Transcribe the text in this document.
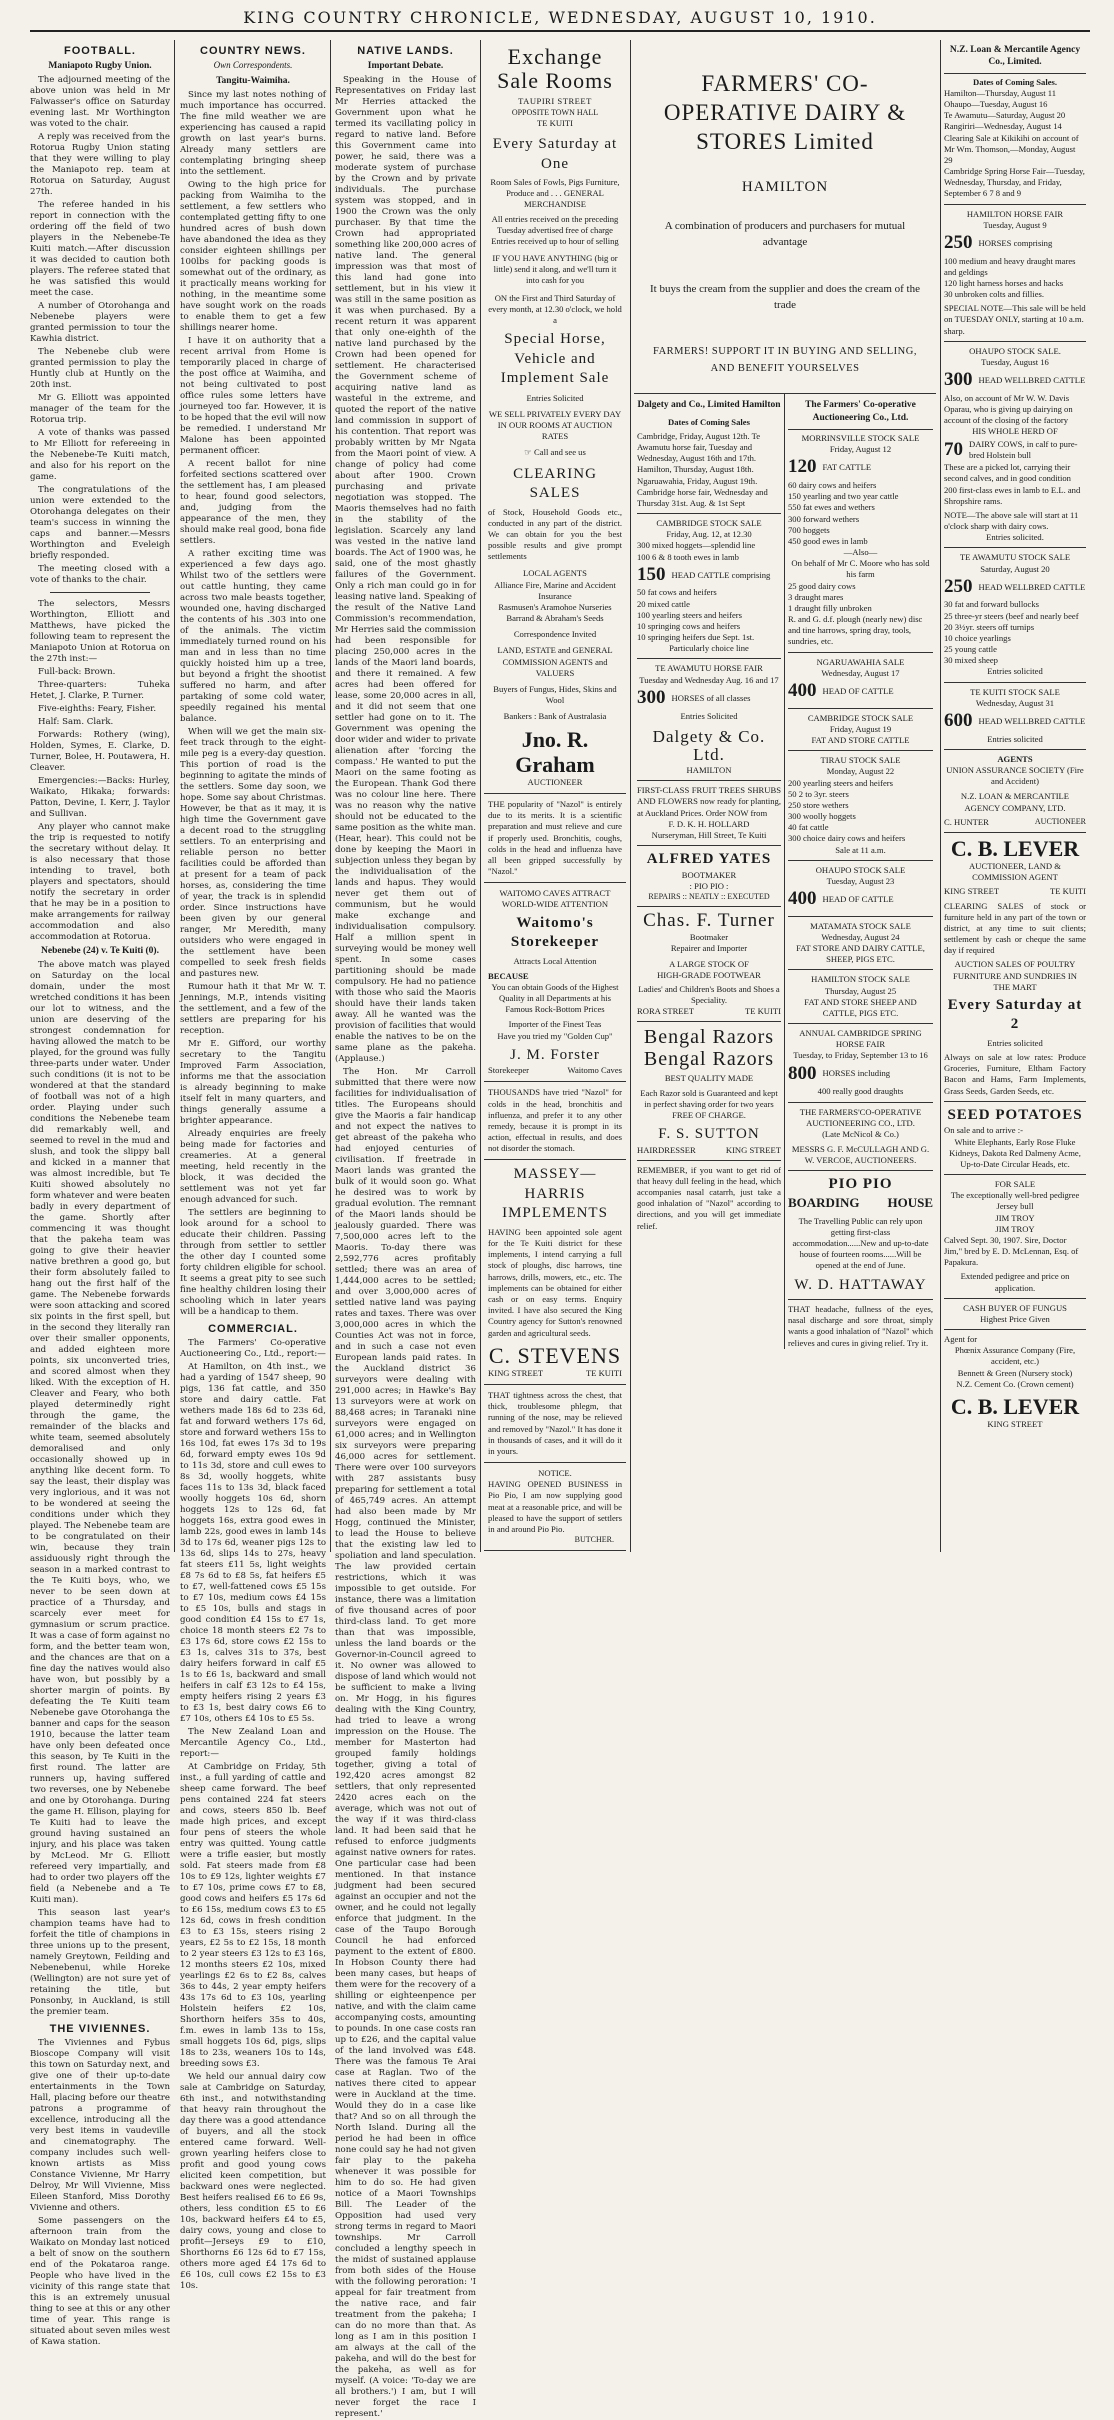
KING COUNTRY CHRONICLE, WEDNESDAY, AUGUST 10, 1910.
FOOTBALL.
Maniapoto Rugby Union.

The adjourned meeting of the above union was held in Mr Falwasser's office on Saturday evening last. Mr Worthington was voted to the chair.

A reply was received from the Rotorua Rugby Union stating that they were willing to play the Maniapoto rep. team at Rotorua on Saturday, August 27th.

The referee handed in his report in connection with the ordering off the field of two players in the Nebenebe-Te Kuiti match.—After discussion it was decided to caution both players. The referee stated that he was satisfied this would meet the case.

A number of Otorohanga and Nebenebe players were granted permission to tour the Kawhia district.

The Nebenebe club were granted permission to play the Huntly club at Huntly on the 20th inst.

Mr G. Elliott was appointed manager of the team for the Rotorua trip.

A vote of thanks was passed to Mr Elliott for refereeing in the Nebenebe-Te Kuiti match, and also for his report on the game.

The congratulations of the union were extended to the Otorohanga delegates on their team's success in winning the caps and banner.—Messrs Worthington and Eveleigh briefly responded.

The meeting closed with a vote of thanks to the chair.

The selectors, Messrs Worthington, Elliott and Matthews, have picked the following team to represent the Maniapoto Union at Rotorua on the 27th inst:—

Full-back: Brown.

Three-quarters: Tuheka Hetet, J. Clarke, P. Turner.

Five-eighths: Feary, Fisher.

Half: Sam. Clark.

Forwards: Rothery (wing), Holden, Symes, E. Clarke, D. Turner, Bolee, H. Poutawera, H. Cleaver.

Emergencies:—Backs: Hurley, Waikato, Hikaka; forwards: Patton, Devine, I. Kerr, J. Taylor and Sullivan.

Any player who cannot make the trip is requested to notify the secretary without delay. It is also necessary that those intending to travel, both players and spectators, should notify the secretary in order that he may be in a position to make arrangements for railway accommodation and also accommodation at Rotorua.

Nebenebe (24) v. Te Kuiti (0).

The above match was played on Saturday on the local domain, under the most wretched conditions it has been our lot to witness, and the union are deserving of the strongest condemnation for having allowed the match to be played, for the ground was fully three-parts under water. Under such conditions (it is not to be wondered at that the standard of football was not of a high order. Playing under such conditions the Nebenebe team did remarkably well, and seemed to revel in the mud and slush, and took the slippy ball and kicked in a manner that was almost incredible, but Te Kuiti showed absolutely no form whatever and were beaten badly in every department of the game. Shortly after commencing it was thought that the pakeha team was going to give their heavier native brethren a good go, but their form absolutely failed to hang out the first half of the game. The Nebenebe forwards were soon attacking and scored six points in the first spell, but in the second they literally ran over their smaller opponents, and added eighteen more points, six unconverted tries, and scored almost when they liked. With the exception of H. Cleaver and Feary, who both played determinedly right through the game, the remainder of the blacks and white team, seemed absolutely demoralised and only occasionally showed up in anything like decent form. To say the least, their display was very inglorious, and it was not to be wondered at seeing the conditions under which they played. The Nebenebe team are to be congratulated on their win, because they train assiduously right through the season in a marked contrast to the Te Kuiti boys, who, we never to be seen down at practice of a Thursday, and scarcely ever meet for gymnasium or scrum practice. It was a case of form against no form, and the better team won, and the chances are that on a fine day the natives would also have won, but possibly by a shorter margin of points. By defeating the Te Kuiti team Nebenebe gave Otorohanga the banner and caps for the season 1910, because the latter team have only been defeated once this season, by Te Kuiti in the first round. The latter are runners up, having suffered two reverses, one by Nebenebe and one by Otorohanga. During the game H. Ellison, playing for Te Kuiti had to leave the ground having sustained an injury, and his place was taken by McLeod. Mr G. Elliott refereed very impartially, and had to order two players off the field (a Nebenebe and a Te Kuiti man).

This season last year's champion teams have had to forfeit the title of champions in three unions up to the present, namely Greytown, Feilding and Nebenebenui, while Horeke (Wellington) are not sure yet of retaining the title, but Ponsonby, in Auckland, is still the premier team.

THE VIVIENNES.

The Viviennes and Fybus Bioscope Company will visit this town on Saturday next, and give one of their up-to-date entertainments in the Town Hall, placing before our theatre patrons a programme of excellence, introducing all the very best items in vaudeville and cinematography. The company includes such well-known artists as Miss Constance Vivienne, Mr Harry Delroy, Mr Will Vivienne, Miss Eileen Stanford, Miss Dorothy Vivienne and others.

Some passengers on the afternoon train from the Waikato on Monday last noticed a belt of snow on the southern end of the Pokataroa range. People who have lived in the vicinity of this range state that this is an extremely unusual thing to see at this or any other time of year. This range is situated about seven miles west of Kawa station.

COUNTRY NEWS.
Own Correspondents.
Tangitu-Waimiha.

Since my last notes nothing of much importance has occurred. The fine mild weather we are experiencing has caused a rapid growth on last year's burns. Already many settlers are contemplating bringing sheep into the settlement.

Owing to the high price for packing from Waimiha to the settlement, a few settlers who contemplated getting fifty to one hundred acres of bush down have abandoned the idea as they consider eighteen shillings per 100lbs for packing goods is somewhat out of the ordinary, as it practically means working for nothing, in the meantime some have sought work on the roads to enable them to get a few shillings nearer home.

I have it on authority that a recent arrival from Home is temporarily placed in charge of the post office at Waimiha, and not being cultivated to post office rules some letters have journeyed too far. However, it is to be hoped that the evil will now be remedied. I understand Mr Malone has been appointed permanent officer.

A recent ballot for nine forfeited sections scattered over the settlement has, I am pleased to hear, found good selectors, and, judging from the appearance of the men, they should make real good, bona fide settlers.

A rather exciting time was experienced a few days ago. Whilst two of the settlers were out cattle hunting, they came across two male beasts together, wounded one, having discharged the contents of his .303 into one of the animals. The victim immediately turned round on his man and in less than no time quickly hoisted him up a tree, but beyond a fright the shootist suffered no harm, and after partaking of some cold water, speedily regained his mental balance.

When will we get the main six-feet track through to the eight-mile peg is a every-day question. This portion of road is the beginning to agitate the minds of the settlers. Some day soon, we hope. Some say about Christmas. However, be that as it may, it is high time the Government gave a decent road to the struggling settlers. To an enterprising and reliable person no better facilities could be afforded than at present for a team of pack horses, as, considering the time of year, the track is in splendid order. Since instructions have been given by our general ranger, Mr Meredith, many outsiders who were engaged in the settlement have been compelled to seek fresh fields and pastures new.

Rumour hath it that Mr W. T. Jennings, M.P., intends visiting the settlement, and a few of the settlers are preparing for his reception.

Mr E. Gifford, our worthy secretary to the Tangitu Improved Farm Association, informs me that the association is already beginning to make itself felt in many quarters, and things generally assume a brighter appearance.

Already enquiries are freely being made for factories and creameries. At a general meeting, held recently in the block, it was decided the settlement was not yet far enough advanced for such.

The settlers are beginning to look around for a school to educate their children. Passing through from settler to settler the other day I counted some forty children eligible for school. It seems a great pity to see such fine healthy children losing their schooling which in later years will be a handicap to them.

COMMERCIAL.

The Farmers' Co-operative Auctioneering Co., Ltd., report:—

At Hamilton, on 4th inst., we had a yarding of 1547 sheep, 90 pigs, 136 fat cattle, and 350 store and dairy cattle. Fat wethers made 18s 6d to 23s 6d, fat and forward wethers 17s 6d, store and forward wethers 15s to 16s 10d, fat ewes 17s 3d to 19s 6d, forward empty ewes 10s 9d to 11s 3d, store and cull ewes to 8s 3d, woolly hoggets, white faces 11s to 13s 3d, black faced woolly hoggets 10s 6d, shorn hoggets 12s to 12s 6d, fat hoggets 16s, extra good ewes in lamb 22s, good ewes in lamb 14s 3d to 17s 6d, weaner pigs 12s to 13s 6d, slips 14s to 27s, heavy fat steers £11 5s, light weights £8 7s 6d to £8 5s, fat heifers £5 to £7, well-fattened cows £5 15s to £7 10s, medium cows £4 15s to £5 10s, bulls and stags in good condition £4 15s to £7 1s, choice 18 month steers £2 7s to £3 17s 6d, store cows £2 15s to £3 1s, calves 31s to 37s, best dairy heifers forward in calf £5 1s to £6 1s, backward and small heifers in calf £3 12s to £4 15s, empty heifers rising 2 years £3 to £3 1s, best dairy cows £6 to £7 10s, others £4 10s to £5 5s.

The New Zealand Loan and Mercantile Agency Co., Ltd., report:—

At Cambridge on Friday, 5th inst., a full yarding of cattle and sheep came forward. The beef pens contained 224 fat steers and cows, steers 850 lb. Beef made high prices, and except four pens of steers the whole entry was quitted. Young cattle were a trifle easier, but mostly sold. Fat steers made from £8 10s to £9 12s, lighter weights £7 to £7 10s, prime cows £7 to £8, good cows and heifers £5 17s 6d to £6 15s, medium cows £3 to £5 12s 6d, cows in fresh condition £3 to £3 15s, steers rising 2 years, £2 5s to £2 15s, 18 month to 2 year steers £3 12s to £3 16s, 12 months steers £2 10s, mixed yearlings £2 6s to £2 8s, calves 36s to 44s, 2 year empty heifers 43s 17s 6d to £3 10s, yearling Holstein heifers £2 10s, Shorthorn heifers 35s to 40s, f.m. ewes in lamb 13s to 15s, small hoggets 10s 6d, pigs, slips 18s to 23s, weaners 10s to 14s, breeding sows £3.

We held our annual dairy cow sale at Cambridge on Saturday, 6th inst., and notwithstanding that heavy rain throughout the day there was a good attendance of buyers, and all the stock entered came forward. Well-grown yearling heifers close to profit and good young cows elicited keen competition, but backward ones were neglected. Best heifers realised £6 to £6 9s, others, less condition £5 to £6 10s, backward heifers £4 to £5, dairy cows, young and close to profit—Jerseys £9 to £10, Shorthorns £6 12s 6d to £7 15s, others more aged £4 17s 6d to £6 10s, cull cows £2 15s to £3 10s.

NATIVE LANDS.
Important Debate.

Speaking in the House of Representatives on Friday last Mr Herries attacked the Government upon what he termed its vacillating policy in regard to native land. Before this Government came into power, he said, there was a moderate system of purchase by the Crown and by private individuals. The purchase system was stopped, and in 1900 the Crown was the only purchaser. By that time the Crown had appropriated something like 200,000 acres of native land. The general impression was that most of this land had gone into settlement, but in his view it was still in the same position as it was when purchased. By a recent return it was apparent that only one-eighth of the native land purchased by the Crown had been opened for settlement. He characterised the Government scheme of acquiring native land as wasteful in the extreme, and quoted the report of the native land commission in support of his contention. That report was probably written by Mr Ngata from the Maori point of view. A change of policy had come about after 1900. Crown purchasing and private negotiation was stopped. The Maoris themselves had no faith in the stability of the legislation. Scarcely any land was vested in the native land boards. The Act of 1900 was, he said, one of the most ghastly failures of the Government. Only a rich man could go in for leasing native land. Speaking of the result of the Native Land Commission's recommendation, Mr Herries said the commission had been responsible for placing 250,000 acres in the lands of the Maori land boards, and there it remained. A few acres had been offered for lease, some 20,000 acres in all, and it did not seem that one settler had gone on to it. The Government was opening the door wider and wider to private alienation after 'forcing the compass.' He wanted to put the Maori on the same footing as the European. Thank God there was no colour line here. There was no reason why the native should not be educated to the same position as the white man. (Hear, hear). This could not be done by keeping the Maori in subjection unless they began by the individualisation of the lands and hapus. They would never get them out of communism, but he would make exchange and individualisation compulsory. Half a million spent in surveying would be money well spent. In some cases partitioning should be made compulsory. He had no patience with those who said the Maoris should have their lands taken away. All he wanted was the provision of facilities that would enable the natives to be on the same plane as the pakeha. (Applause.)

The Hon. Mr Carroll submitted that there were now facilities for individualisation of titles. The Europeans should give the Maoris a fair handicap and not expect the natives to get abreast of the pakeha who had enjoyed centuries of civilisation. If freetrade in Maori lands was granted the bulk of it would soon go. What he desired was to work by gradual evolution. The remnant of the Maori lands should be jealously guarded. There was 7,500,000 acres left to the Maoris. To-day there was 2,592,776 acres profitably settled; there was an area of 1,444,000 acres to be settled; and over 3,000,000 acres of settled native land was paying rates and taxes. There was over 3,000,000 acres in which the Counties Act was not in force, and in such a case not even European lands paid rates. In the Auckland district 36 surveyors were dealing with 291,000 acres; in Hawke's Bay 13 surveyors were at work on 88,468 acres; in Taranaki nine surveyors were engaged on 61,000 acres; and in Wellington six surveyors were preparing 46,000 acres for settlement. There were over 100 surveyors with 287 assistants busy preparing for settlement a total of 465,749 acres. An attempt had also been made by Mr Hogg, continued the Minister, to lead the House to believe that the existing law led to spoliation and land speculation. The law provided certain restrictions, which it was impossible to get outside. For instance, there was a limitation of five thousand acres of poor third-class land. To get more than that was impossible, unless the land boards or the Governor-in-Council agreed to it. No owner was allowed to dispose of land which would not be sufficient to make a living on. Mr Hogg, in his figures dealing with the King Country, had tried to leave a wrong impression on the House. The member for Masterton had grouped family holdings together, giving a total of 192,420 acres amongst 82 settlers, that only represented 2420 acres each on the average, which was not out of the way if it was third-class land. It had been said that he refused to enforce judgments against native owners for rates. One particular case had been mentioned. In that instance judgment had been secured against an occupier and not the owner, and he could not legally enforce that judgment. In the case of the Taupo Borough Council he had enforced payment to the extent of £800. In Hobson County there had been many cases, but heaps of them were for the recovery of a shilling or eighteenpence per native, and with the claim came accompanying costs, amounting to pounds. In one case costs ran up to £26, and the capital value of the land involved was £48. There was the famous Te Arai case at Raglan. Two of the natives there cited to appear were in Auckland at the time. Would they do in a case like that? And so on all through the North Island. During all the period he had been in office none could say he had not given fair play to the pakeha whenever it was possible for him to do so. He had given notice of a Maori Townships Bill. The Leader of the Opposition had used very strong terms in regard to Maori townships. Mr Carroll concluded a lengthy speech in the midst of sustained applause from both sides of the House with the following peroration: 'I appeal for fair treatment from the native race, and fair treatment from the pakeha; I can do no more than that. As long as I am in this position I am always at the call of the pakeha, and will do the best for the pakeha, as well as for myself. (A voice: 'To-day we are all brothers.') I am, but I will never forget the race I represent.'

Exchange Sale Rooms
TAUPIRI STREET
OPPOSITE TOWN HALL
TE KUITI
Every Saturday at One
Room Sales of Fowls, Pigs Furniture, Produce and . . . GENERAL MERCHANDISE
All entries received on the preceding Tuesday advertised free of charge Entries received up to hour of selling
IF YOU HAVE ANYTHING (big or little) send it along, and we'll turn it into cash for you
ON the First and Third Saturday of every month, at 12.30 o'clock, we hold a
Special Horse, Vehicle and Implement Sale
Entries Solicited
WE SELL PRIVATELY EVERY DAY IN OUR ROOMS AT AUCTION RATES
☞ Call and see us
CLEARING SALES
of Stock, Household Goods etc., conducted in any part of the district. We can obtain for you the best possible results and give prompt settlements
LOCAL AGENTS
Alliance Fire, Marine and Accident Insurance
Rasmusen's Aramohoe Nurseries Barrand & Abraham's Seeds
Correspondence Invited
LAND, ESTATE and GENERAL COMMISSION AGENTS and VALUERS
Buyers of Fungus, Hides, Skins and Wool
Bankers : Bank of Australasia
Jno. R. Graham
AUCTIONEER
THE popularity of "Nazol" is entirely due to its merits. It is a scientific preparation and must relieve and cure if properly used. Bronchitis, coughs, colds in the head and influenza have all been gripped successfully by "Nazol."
WAITOMO CAVES ATTRACT WORLD-WIDE ATTENTION
Waitomo's Storekeeper
Attracts Local Attention
BECAUSE
You can obtain Goods of the Highest Quality in all Departments at his Famous Rock-Bottom Prices
Importer of the Finest Teas
Have you tried my "Golden Cup"
J. M. Forster
Storekeeper	Waitomo Caves
THOUSANDS have tried "Nazol" for colds in the head, bronchitis and influenza, and prefer it to any other remedy, because it is prompt in its action, effectual in results, and does not disorder the stomach.
MASSEY—HARRIS IMPLEMENTS
HAVING been appointed sole agent for the Te Kuiti district for these implements, I intend carrying a full stock of ploughs, disc harrows, tine harrows, drills, mowers, etc., etc. The implements can be obtained for either cash or on easy terms. Enquiry invited. I have also secured the King Country agency for Sutton's renowned garden and agricultural seeds.
C. STEVENS
KING STREET	TE KUITI
THAT tightness across the chest, that thick, troublesome phlegm, that running of the nose, may be relieved and removed by "Nazol." It has done it in thousands of cases, and it will do it in yours.
NOTICE.
HAVING OPENED BUSINESS in Pio Pio, I am now supplying good meat at a reasonable price, and will be pleased to have the support of settlers in and around Pio Pio.
BUTCHER.
FARMERS' CO-OPERATIVE DAIRY & STORES Limited
HAMILTON
A combination of producers and purchasers for mutual advantage
It buys the cream from the supplier and does the cream of the trade
FARMERS! SUPPORT IT IN BUYING AND SELLING, AND BENEFIT YOURSELVES
Dalgety and Co., Limited Hamilton
Dates of Coming Sales
Cambridge, Friday, August 12th. Te Awamutu horse fair, Tuesday and Wednesday, August 16th and 17th. Hamilton, Thursday, August 18th. Ngaruawahia, Friday, August 19th. Cambridge horse fair, Wednesday and Thursday 31st. Aug. & 1st Sept
CAMBRIDGE STOCK SALE
Friday, Aug. 12, at 12.30
300 mixed hoggets—splendid line
100 6 & 8 tooth ewes in lamb
150 HEAD CATTLE comprising
50 fat cows and heifers
20 mixed cattle
100 yearling steers and heifers
10 springing cows and heifers
10 springing heifers due Sept. 1st.
Particularly choice line
TE AWAMUTU HORSE FAIR
Tuesday and Wednesday Aug. 16 and 17
300 HORSES of all classes
Entries Solicited
Dalgety & Co. Ltd.
HAMILTON
FIRST-CLASS FRUIT TREES SHRUBS AND FLOWERS now ready for planting, at Auckland Prices. Order NOW from
F. D. K. H. HOLLARD
Nurseryman, Hill Street, Te Kuiti
ALFRED YATES
BOOTMAKER
: PIO PIO :
REPAIRS :: NEATLY :: EXECUTED
Chas. F. Turner
Bootmaker
Repairer and Importer
A LARGE STOCK OF
HIGH-GRADE FOOTWEAR
Ladies' and Children's Boots and Shoes a Speciality.
RORA STREET	TE KUITI
Bengal Razors
Bengal Razors
BEST QUALITY MADE
Each Razor sold is Guaranteed and kept in perfect shaving order for two years FREE OF CHARGE.
F. S. SUTTON
HAIRDRESSER	KING STREET
REMEMBER, if you want to get rid of that heavy dull feeling in the head, which accompanies nasal catarrh, just take a good inhalation of "Nazol" according to directions, and you will get immediate relief.
The Farmers' Co-operative Auctioneering Co., Ltd.
MORRINSVILLE STOCK SALE
Friday, August 12
120 FAT CATTLE
60 dairy cows and heifers
150 yearling and two year cattle
550 fat ewes and wethers
300 forward wethers
700 hoggets
450 good ewes in lamb
—Also—
On behalf of Mr C. Moore who has sold his farm
25 good dairy cows
3 draught mares
1 draught filly unbroken
R. and G. d.f. plough (nearly new) disc and tine harrows, spring dray, tools, sundries, etc.
NGARUAWAHIA SALE
Wednesday, August 17
400 HEAD OF CATTLE
CAMBRIDGE STOCK SALE
Friday, August 19
FAT AND STORE CATTLE
TIRAU STOCK SALE
Monday, August 22
200 yearling steers and heifers
50 2 to 3yr. steers
250 store wethers
300 woolly hoggets
40 fat cattle
300 choice dairy cows and heifers
Sale at 11 a.m.
OHAUPO STOCK SALE
Tuesday, August 23
400 HEAD OF CATTLE
MATAMATA STOCK SALE
Wednesday, August 24
FAT STORE AND DAIRY CATTLE, SHEEP, PIGS ETC.
HAMILTON STOCK SALE
Thursday, August 25
FAT AND STORE SHEEP AND CATTLE, PIGS ETC.
ANNUAL CAMBRIDGE SPRING HORSE FAIR
Tuesday, to Friday, September 13 to 16
800 HORSES including
400 really good draughts
THE FARMERS'CO-OPERATIVE AUCTIONEERING CO., LTD.
(Late McNicol & Co.)
MESSRS G. F. McCULLAGH AND G. W. VERCOE, AUCTIONEERS.
PIO PIO
BOARDING HOUSE
The Travelling Public can rely upon getting first-class accommodation......New and up-to-date house of fourteen rooms......Will be opened at the end of June.
W. D. HATTAWAY
THAT headache, fullness of the eyes, nasal discharge and sore throat, simply wants a good inhalation of "Nazol" which relieves and cures in giving relief. Try it.
N.Z. Loan & Mercantile Agency Co., Limited.
Dates of Coming Sales.
Hamilton—Thursday, August 11
Ohaupo—Tuesday, August 16
Te Awamutu—Saturday, August 20
Rangiriri—Wednesday, August 14
Clearing Sale at Kikikihi on account of Mr Wm. Thomson,—Monday, August 29
Cambridge Spring Horse Fair—Tuesday, Wednesday, Thursday, and Friday, September 6 7 8 and 9
HAMILTON HORSE FAIR
Tuesday, August 9
250 HORSES comprising
100 medium and heavy draught mares and geldings
120 light harness horses and hacks
30 unbroken colts and fillies.
SPECIAL NOTE—This sale will be held on TUESDAY ONLY, starting at 10 a.m. sharp.
OHAUPO STOCK SALE.
Tuesday, August 16
300 HEAD WELLBRED CATTLE
Also, on account of Mr W. W. Davis Oparau, who is giving up dairying on account of the closing of the factory
HIS WHOLE HERD OF
70 DAIRY COWS, in calf to pure-bred Holstein bull
These are a picked lot, carrying their second calves, and in good condition
200 first-class ewes in lamb to E.L. and Shropshire rams.
NOTE—The above sale will start at 11 o'clock sharp with dairy cows.
Entries solicited.
TE AWAMUTU STOCK SALE
Saturday, August 20
250 HEAD WELLBRED CATTLE
30 fat and forward bullocks
25 three-yr steers (beef and nearly beef
20 3½yr. steers off turnips
10 choice yearlings
25 young cattle
30 mixed sheep
Entries solicited
TE KUITI STOCK SALE
Wednesday, August 31
600 HEAD WELLBRED CATTLE
Entries solicited
AGENTS
UNION ASSURANCE SOCIETY (Fire and Accident)
N.Z. LOAN & MERCANTILE AGENCY COMPANY, LTD.
C. HUNTER	AUCTIONEER
C. B. LEVER
AUCTIONEER, LAND & COMMISSION AGENT
KING STREET	TE KUITI
CLEARING SALES of stock or furniture held in any part of the town or district, at any time to suit clients; settlement by cash or cheque the same day if required
AUCTION SALES OF POULTRY FURNITURE AND SUNDRIES IN THE MART
Every Saturday at 2
Entries solicited
Always on sale at low rates: Produce Groceries, Furniture, Eltham Factory Bacon and Hams, Farm Implements, Grass Seeds, Garden Seeds, etc.
SEED POTATOES
On sale and to arrive :-
White Elephants, Early Rose Fluke Kidneys, Dakota Red Dalmeny Acme, Up-to-Date Circular Heads, etc.
FOR SALE
The exceptionally well-bred pedigree Jersey bull
JIM TROY
JIM TROY
Calved Sept. 30, 1907. Sire, Doctor Jim," bred by E. D. McLennan, Esq. of Papakura.
Extended pedigree and price on application.
CASH BUYER OF FUNGUS
Highest Price Given
Agent for
Phœnix Assurance Company (Fire, accident, etc.)
Bennett & Green (Nursery stock)
N.Z. Cement Co. (Crown cement)
C. B. LEVER
KING STREET
